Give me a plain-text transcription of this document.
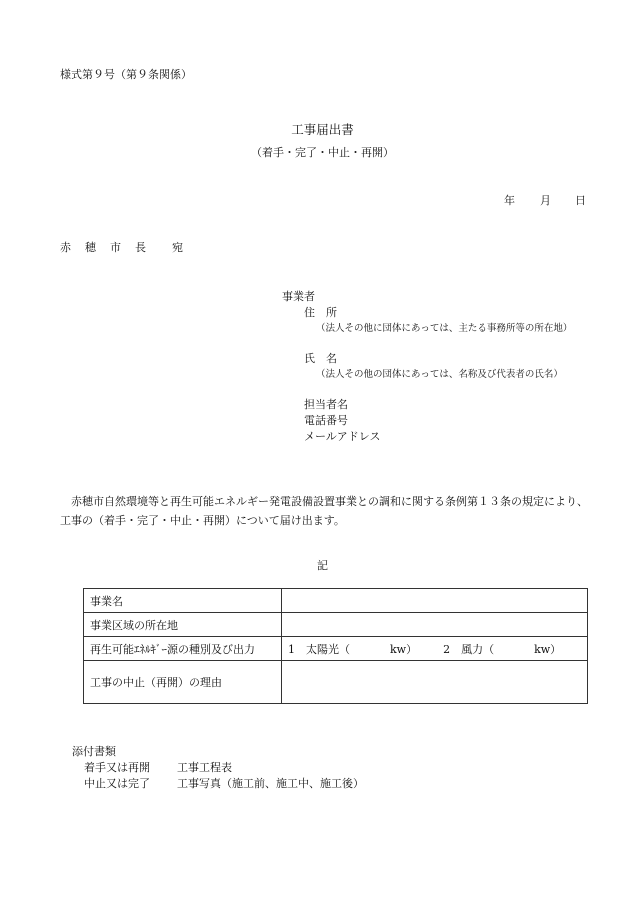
様式第９号（第９条関係）
工事届出書
（着手・完了・中止・再開）
年 月 日
赤 穂 市 長 宛
事業者
住　所
（法人その他に団体にあっては、主たる事務所等の所在地）
氏　名
（法人その他の団体にあっては、名称及び代表者の氏名）
担当者名
電話番号
メールアドレス
赤穂市自然環境等と再生可能エネルギー発電設備設置事業との調和に関する条例第１３条の規定により、工事の（着手・完了・中止・再開）について届け出ます。
記
事業名	
事業区域の所在地	
再生可能ｴﾈﾙｷﾞｰ源の種別及び出力	1　太陽光（ kw） 2　風力（ kw）
工事の中止（再開）の理由	
添付書類
着手又は再開 工事工程表
中止又は完了 工事写真（施工前、施工中、施工後）
